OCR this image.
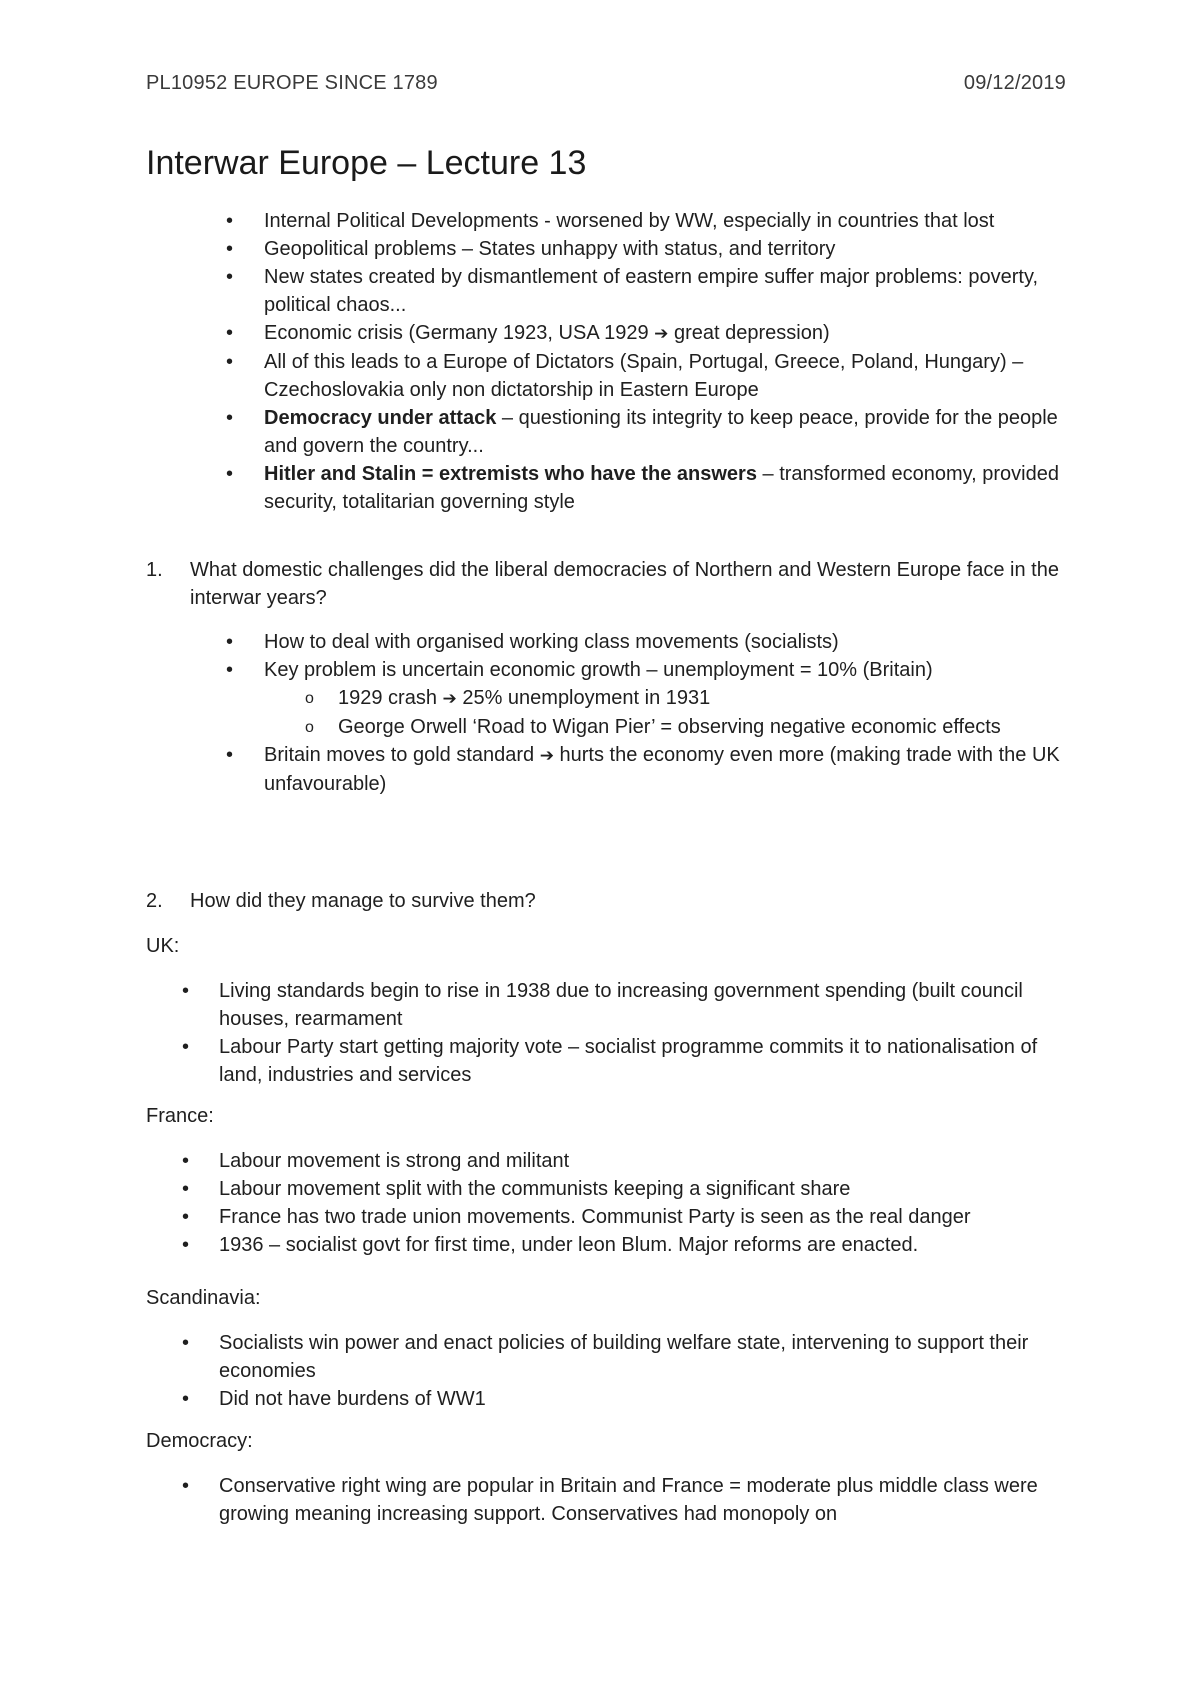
PL10952 EUROPE SINCE 1789	09/12/2019
Interwar Europe – Lecture 13
• Internal Political Developments - worsened by WW, especially in countries that lost
• Geopolitical problems – States unhappy with status, and territory
• New states created by dismantlement of eastern empire suffer major problems: poverty, political chaos...
• Economic crisis (Germany 1923, USA 1929 ➔ great depression)
• All of this leads to a Europe of Dictators (Spain, Portugal, Greece, Poland, Hungary) – Czechoslovakia only non dictatorship in Eastern Europe
• Democracy under attack – questioning its integrity to keep peace, provide for the people and govern the country...
• Hitler and Stalin = extremists who have the answers – transformed economy, provided security, totalitarian governing style
1. What domestic challenges did the liberal democracies of Northern and Western Europe face in the interwar years?
• How to deal with organised working class movements (socialists)
• Key problem is uncertain economic growth – unemployment = 10% (Britain)
o 1929 crash ➔ 25% unemployment in 1931
o George Orwell ‘Road to Wigan Pier’ = observing negative economic effects
• Britain moves to gold standard ➔ hurts the economy even more (making trade with the UK unfavourable)
2. How did they manage to survive them?
UK:
• Living standards begin to rise in 1938 due to increasing government spending (built council houses, rearmament
• Labour Party start getting majority vote – socialist programme commits it to nationalisation of land, industries and services
France:
• Labour movement is strong and militant
• Labour movement split with the communists keeping a significant share
• France has two trade union movements. Communist Party is seen as the real danger
• 1936 – socialist govt for first time, under leon Blum. Major reforms are enacted.
Scandinavia:
• Socialists win power and enact policies of building welfare state, intervening to support their economies
• Did not have burdens of WW1
Democracy:
• Conservative right wing are popular in Britain and France = moderate plus middle class were growing meaning increasing support. Conservatives had monopoly on
